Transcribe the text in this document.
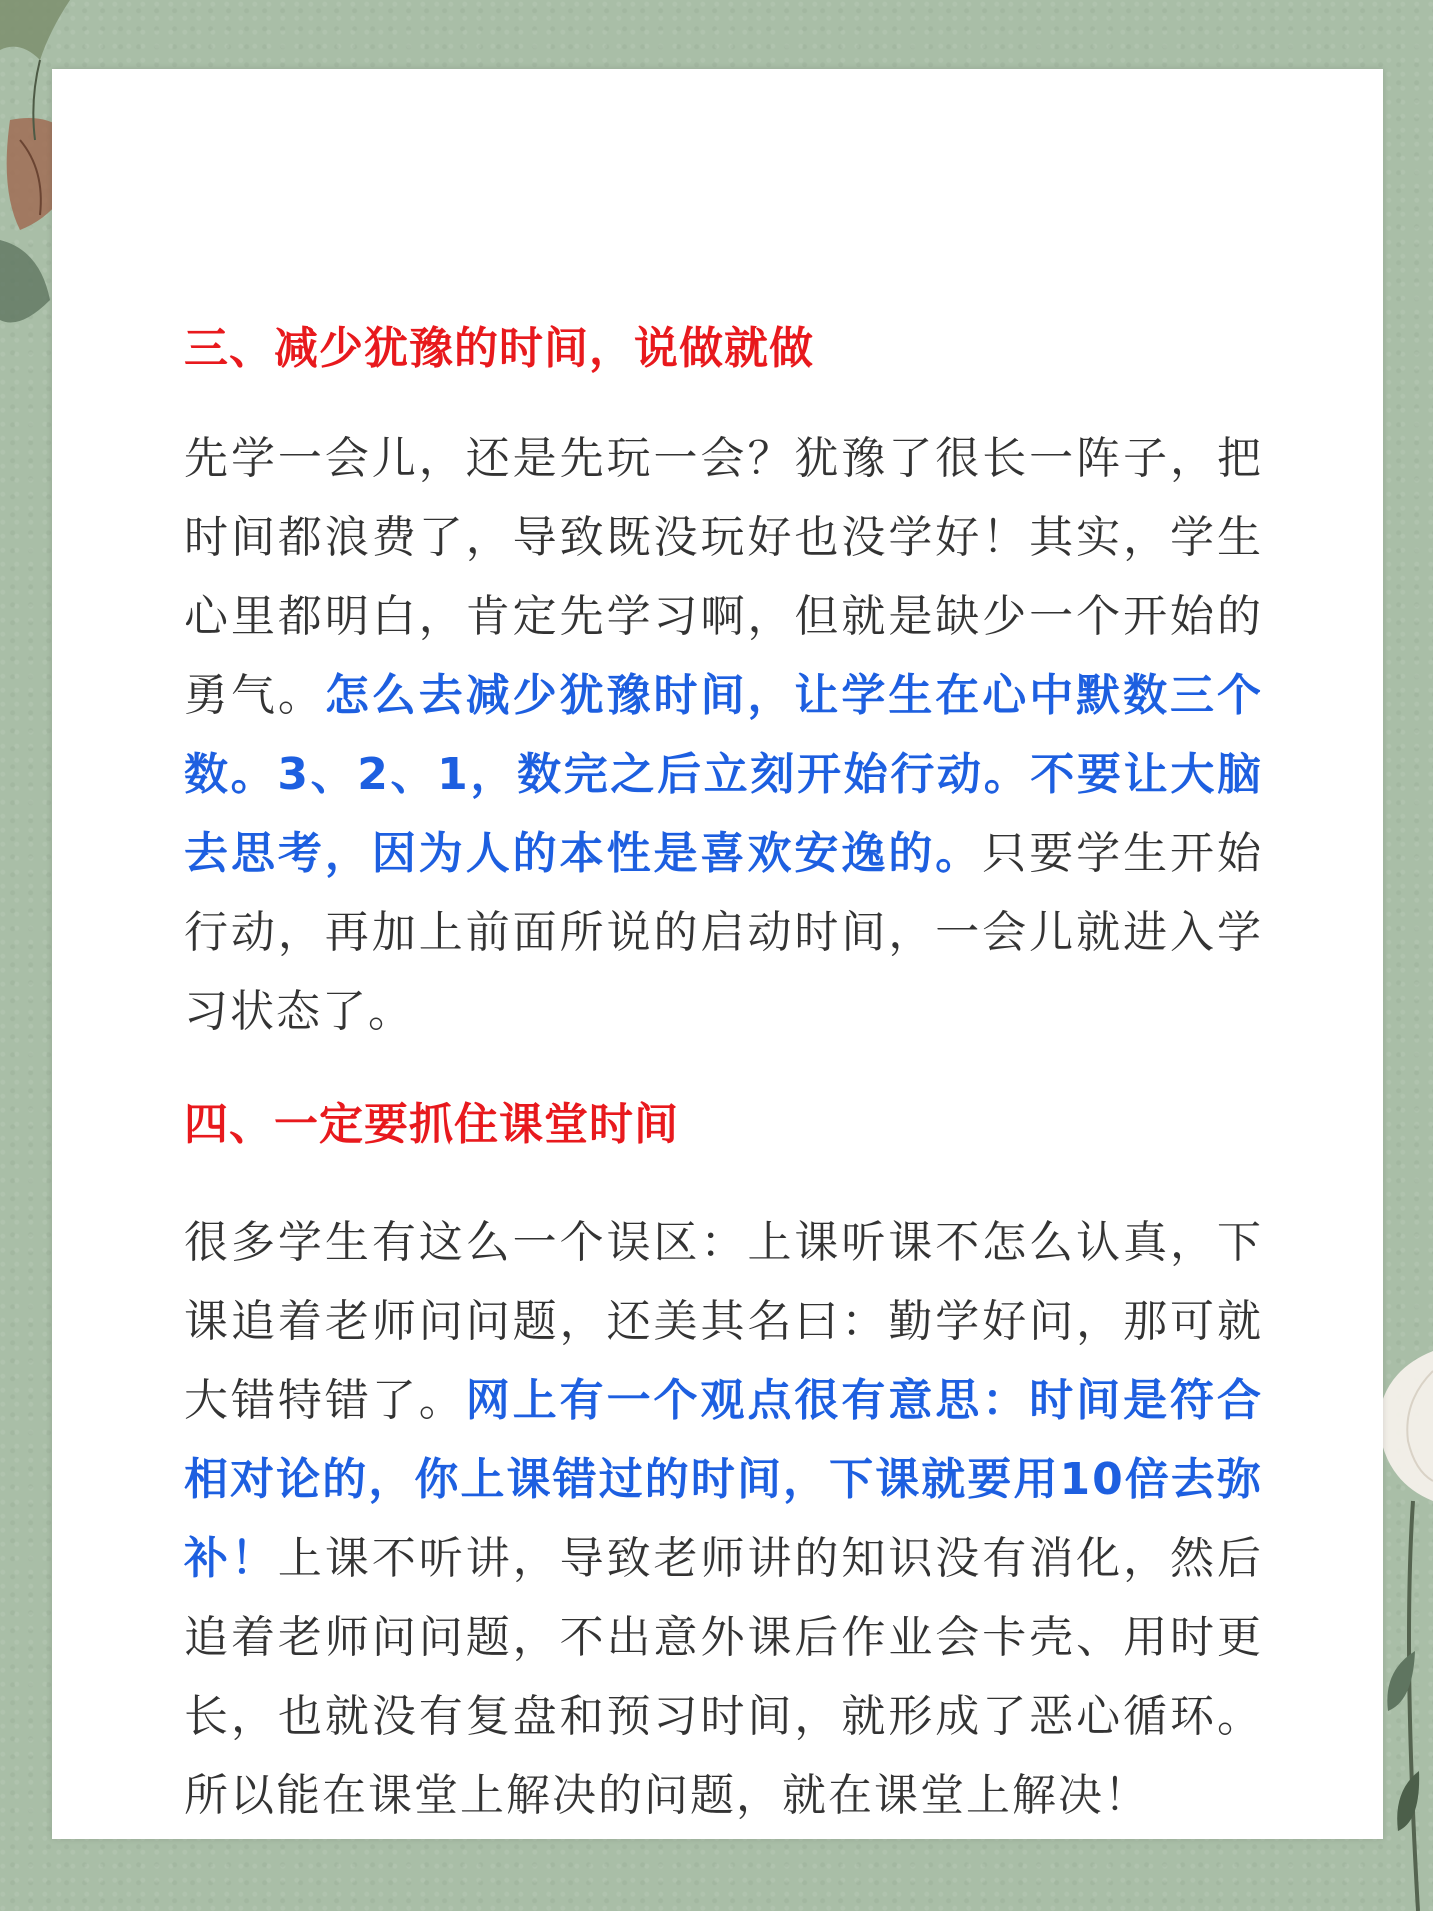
三、减少犹豫的时间，说做就做

先学一会儿，还是先玩一会？犹豫了很长一阵子，把时间都浪费了，导致既没玩好也没学好！其实，学生心里都明白，肯定先学习啊，但就是缺少一个开始的勇气。怎么去减少犹豫时间，让学生在心中默数三个数。3、2、1，数完之后立刻开始行动。不要让大脑去思考，因为人的本性是喜欢安逸的。只要学生开始行动，再加上前面所说的启动时间，一会儿就进入学习状态了。

四、一定要抓住课堂时间

很多学生有这么一个误区：上课听课不怎么认真，下课追着老师问问题，还美其名曰：勤学好问，那可就大错特错了。网上有一个观点很有意思：时间是符合相对论的，你上课错过的时间，下课就要用10倍去弥补！上课不听讲，导致老师讲的知识没有消化，然后追着老师问问题，不出意外课后作业会卡壳、用时更长，也就没有复盘和预习时间，就形成了恶心循环。所以能在课堂上解决的问题，就在课堂上解决！
